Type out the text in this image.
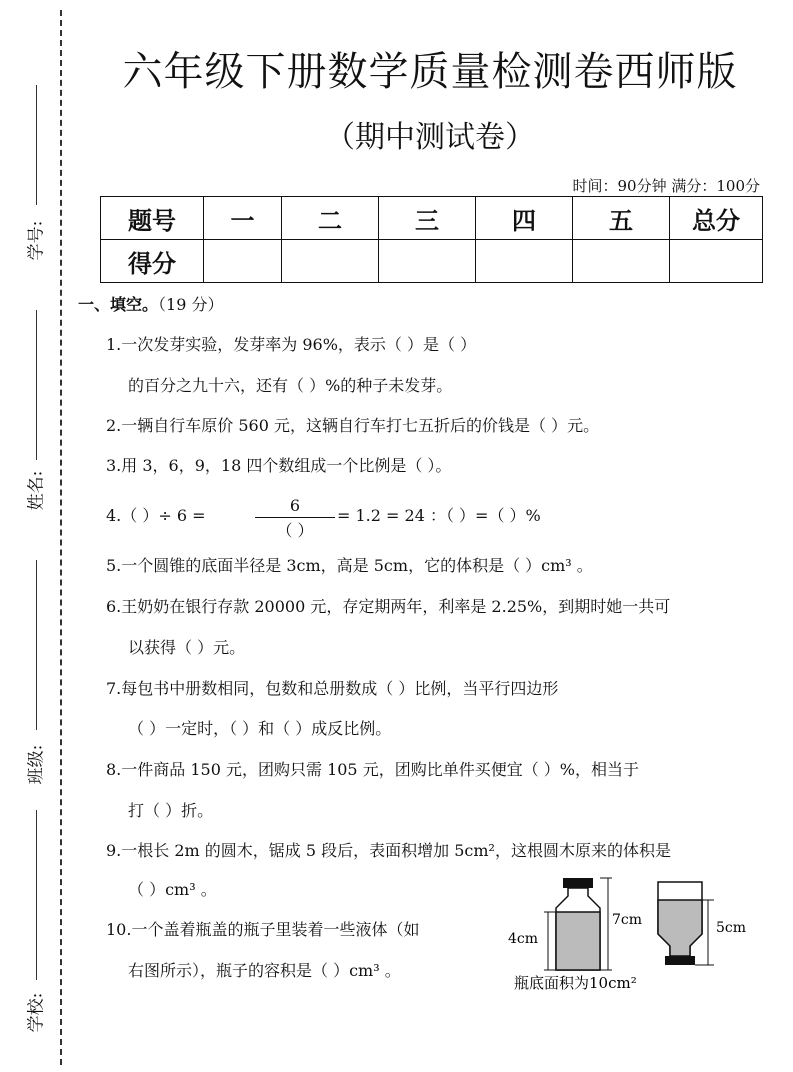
学号:
姓名:
班级:
学校:
六年级下册数学质量检测卷西师版
（期中测试卷）
时间：90分钟 满分：100分
题号	一	二	三	四	五	总分
得分						
一、填空。（19 分）
1.一次发芽实验，发芽率为 96%，表示（ ）是（ ）
的百分之九十六，还有（ ）%的种子未发芽。
2.一辆自行车原价 560 元，这辆自行车打七五折后的价钱是（ ）元。
3.用 3，6，9，18 四个数组成一个比例是（ ）。
4.（ ）÷ 6 =
6
（ ）
= 1.2 = 24 ：（ ）=（ ）%
5.一个圆锥的底面半径是 3cm，高是 5cm，它的体积是（ ）cm³ 。
6.王奶奶在银行存款 20000 元，存定期两年，利率是 2.25%，到期时她一共可
以获得（ ）元。
7.每包书中册数相同，包数和总册数成（ ）比例，当平行四边形
（ ）一定时，（ ）和（ ）成反比例。
8.一件商品 150 元，团购只需 105 元，团购比单件买便宜（ ）%，相当于
打（ ）折。
9.一根长 2m 的圆木，锯成 5 段后，表面积增加 5cm²，这根圆木原来的体积是
（ ）cm³ 。
10.一个盖着瓶盖的瓶子里装着一些液体（如
右图所示），瓶子的容积是（ ）cm³ 。
4cm
7cm	5cm
瓶底面积为10cm²
